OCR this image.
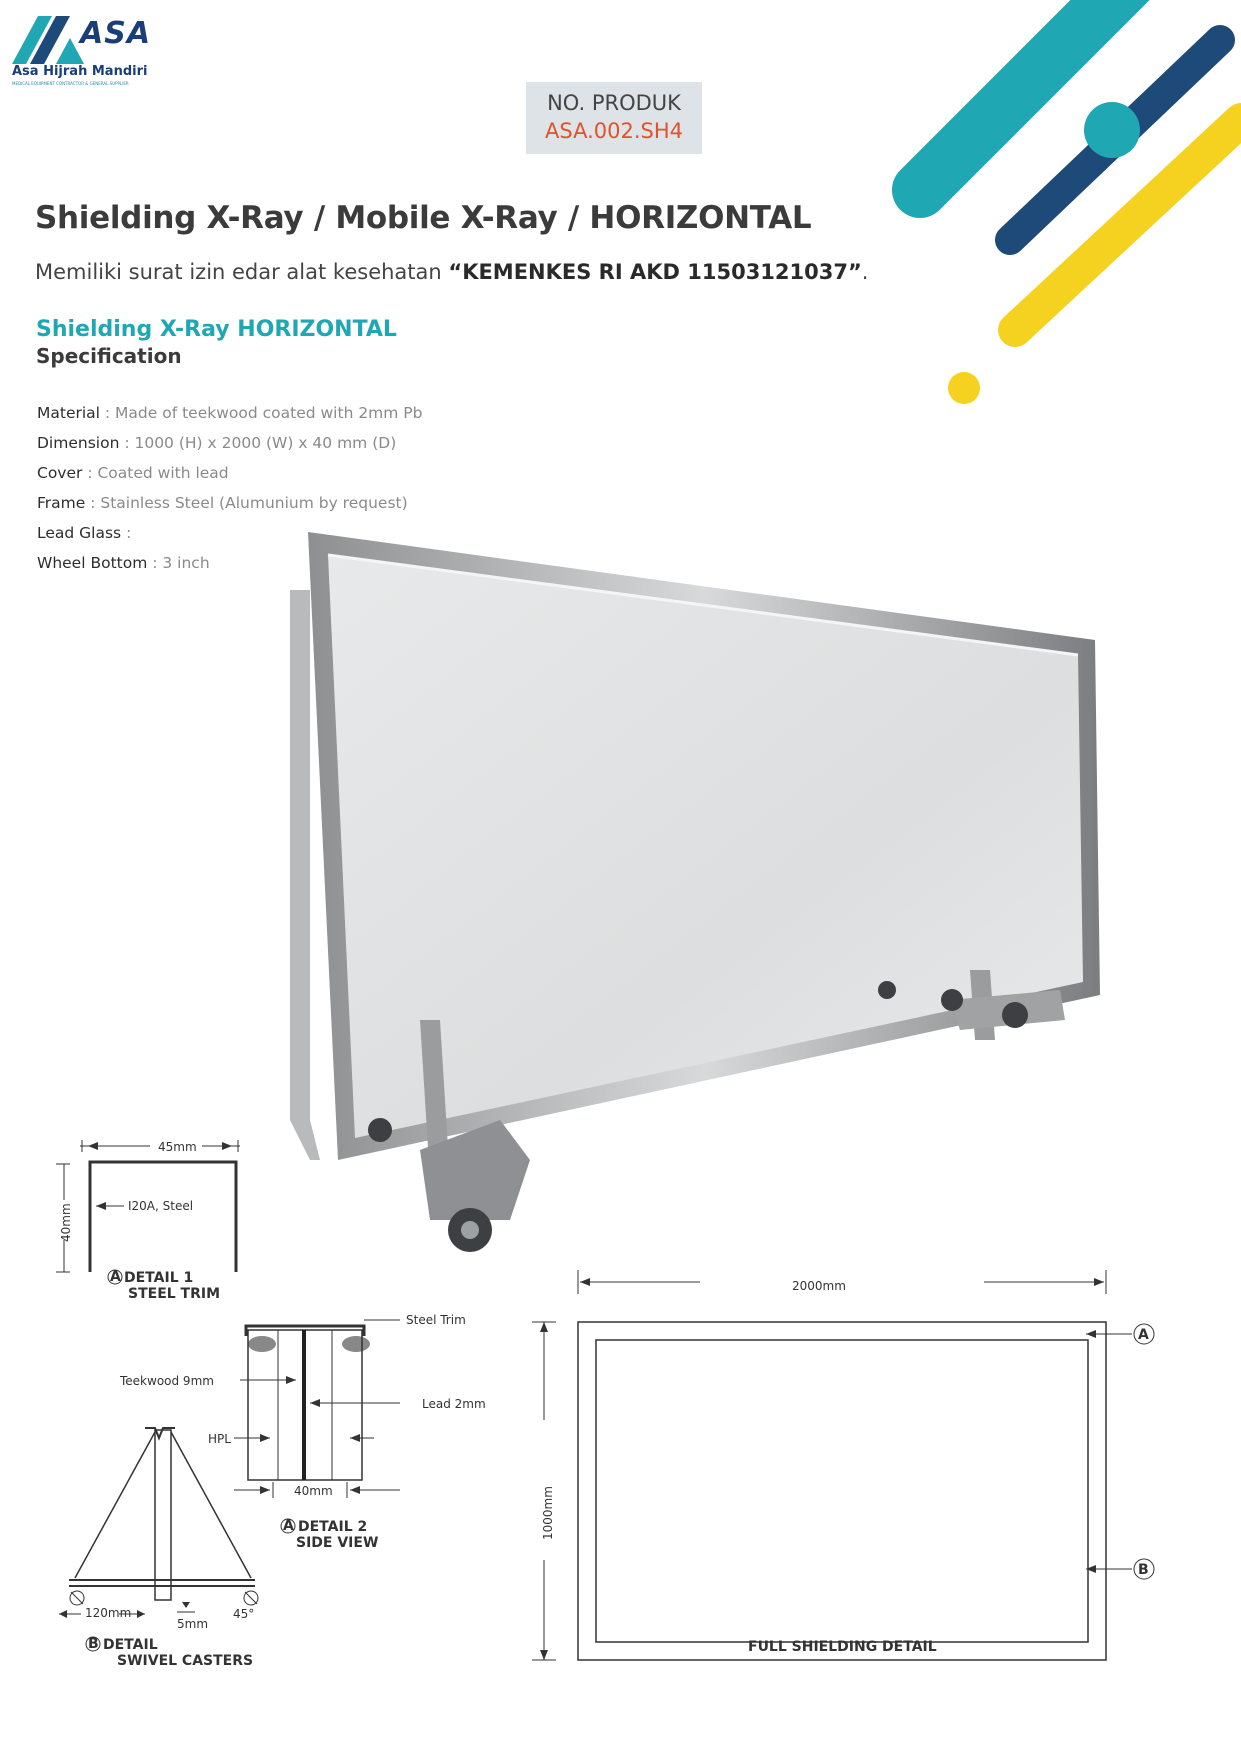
ASA
Asa Hijrah Mandiri
MEDICAL EQUIPMENT CONTRACTOR & GENERAL SUPPLIER
NO. PRODUK
ASA.002.SH4
Shielding X-Ray / Mobile X-Ray / HORIZONTAL
Memiliki surat izin edar alat kesehatan “KEMENKES RI AKD 11503121037”.
Shielding X-Ray HORIZONTAL
Specification
Material : Made of teekwood coated with 2mm Pb
Dimension : 1000 (H) x 2000 (W) x 40 mm (D)
Cover : Coated with lead
Frame : Stainless Steel (Alumunium by request)
Lead Glass :
Wheel Bottom : 3 inch
45mm
40mm	I20A, Steel
A DETAIL 1
STEEL TRIM
Steel Trim
Teekwood 9mm
Lead 2mm
HPL
40mm
A DETAIL 2
SIDE VIEW
120mm
5mm
45°
B DETAIL
SWIVEL CASTERS
2000mm
1000mm
A
B
FULL SHIELDING DETAIL
